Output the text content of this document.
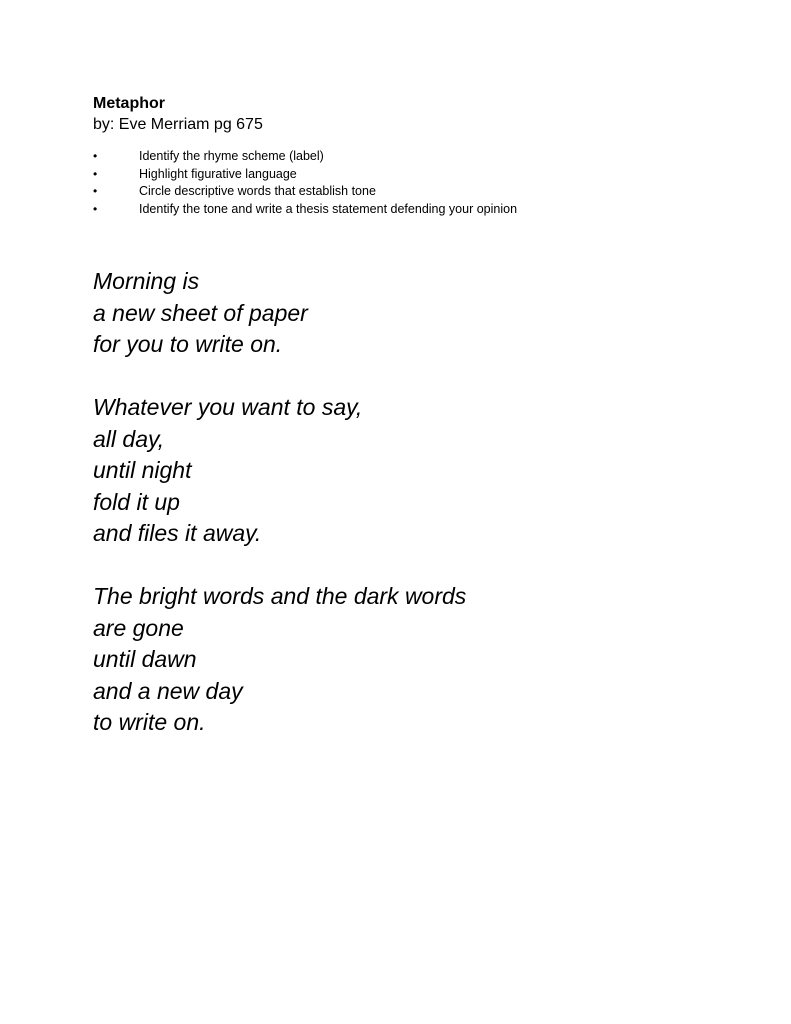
Metaphor

by: Eve Merriam pg 675

•	Identify the rhyme scheme (label)
•	Highlight figurative language
•	Circle descriptive words that establish tone
•	Identify the tone and write a thesis statement defending your opinion
Morning is
a new sheet of paper
for you to write on.
Whatever you want to say,
all day,
until night
fold it up
and files it away.
The bright words and the dark words
are gone
until dawn
and a new day
to write on.
